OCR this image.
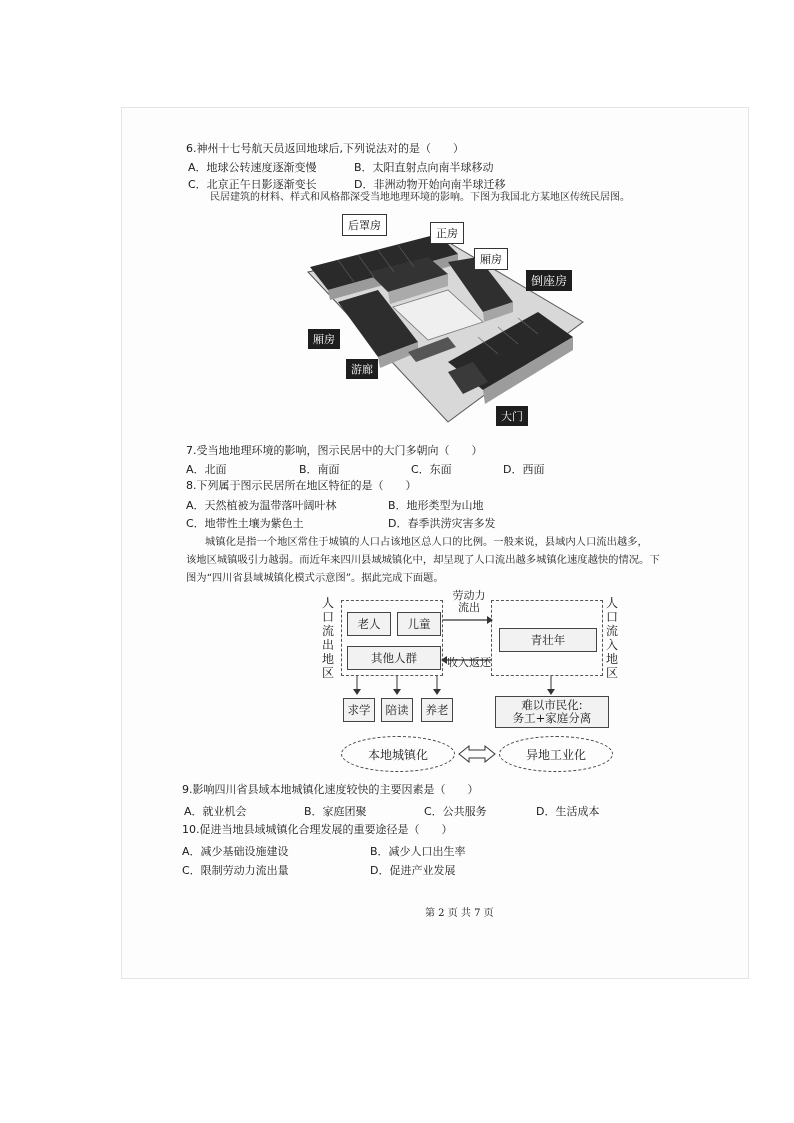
6.神州十七号航天员返回地球后,下列说法对的是（　　）
A．地球公转速度逐渐变慢	B．太阳直射点向南半球移动
C．北京正午日影逐渐变长	D．非洲动物开始向南半球迁移
民居建筑的材料、样式和风格都深受当地地理环境的影响。下图为我国北方某地区传统民居图。
后罩房
正房
厢房
倒座房
厢房
游廊
大门
7.受当地地理环境的影响，图示民居中的大门多朝向（　　）
A．北面	B．南面	C．东面	D．西面
8.下列属于图示民居所在地区特征的是（　　）
A．天然植被为温带落叶阔叶林	B．地形类型为山地
C．地带性土壤为紫色土	D．春季洪涝灾害多发
城镇化是指一个地区常住于城镇的人口占该地区总人口的比例。一般来说，县域内人口流出越多，
该地区城镇吸引力越弱。而近年来四川县域城镇化中，却呈现了人口流出越多城镇化速度越快的情况。下
图为“四川省县域城镇化模式示意图”。据此完成下面题。
人口流出地区
人口流入地区
老人	儿童
其他人群
青壮年
劳动力
流出
收入返还
求学	陪读	养老	难以市民化:
务工+家庭分离
本地城镇化	异地工业化
9.影响四川省县域本地城镇化速度较快的主要因素是（　　）
A．就业机会	B．家庭团聚	C．公共服务	D．生活成本
10.促进当地县域城镇化合理发展的重要途径是（　　）
A．减少基础设施建设	B．减少人口出生率
C．限制劳动力流出量	D．促进产业发展
第 2 页 共 7 页
